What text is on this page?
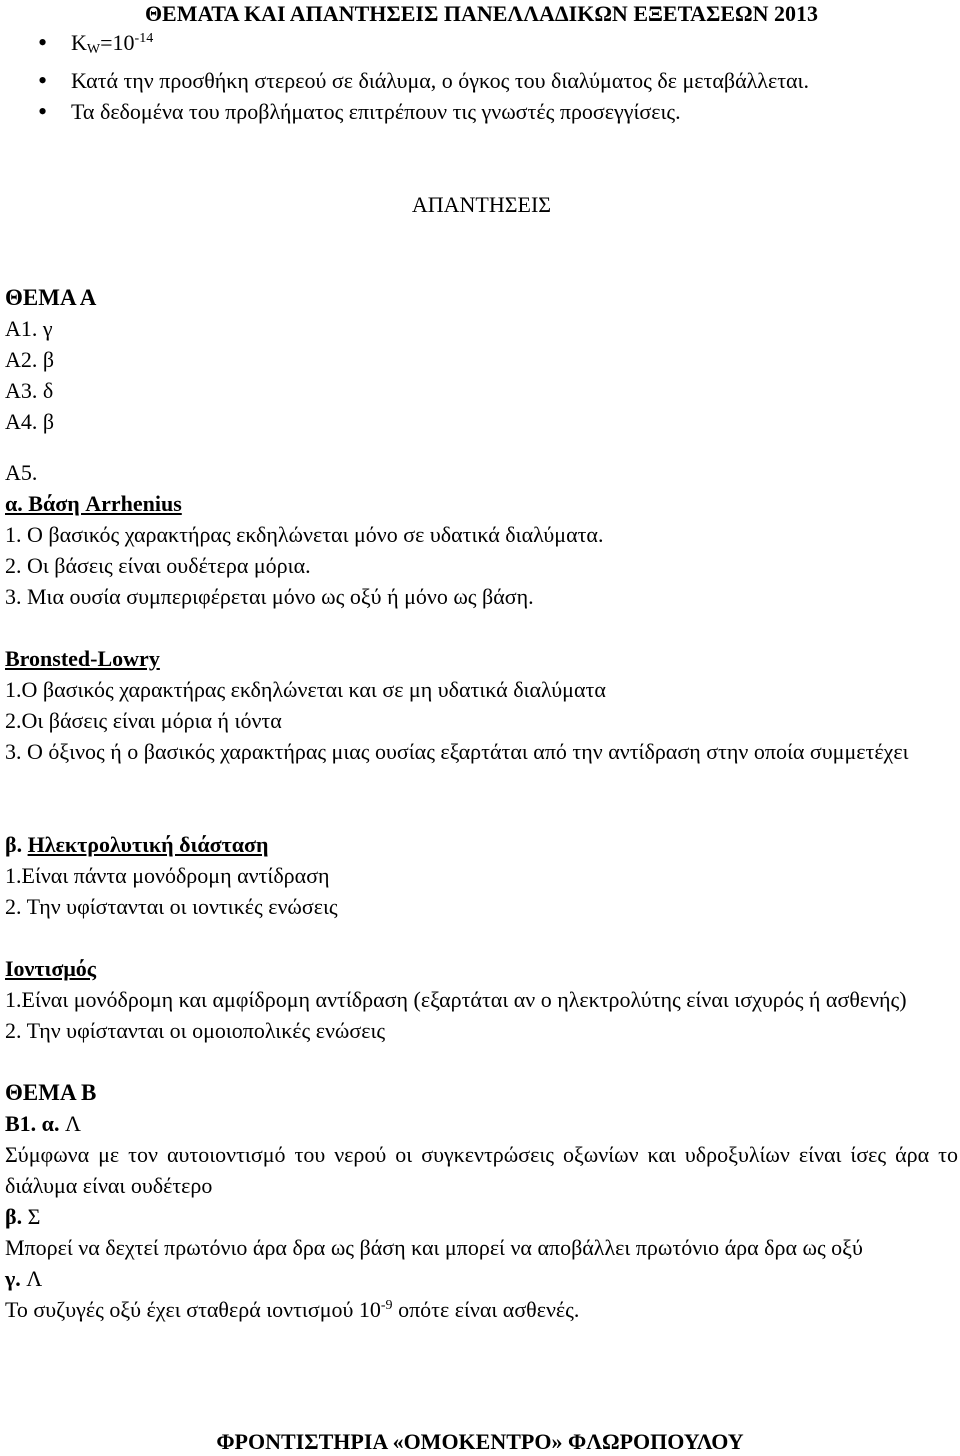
ΘΕΜΑΤΑ ΚΑΙ ΑΠΑΝΤΗΣΕΙΣ ΠΑΝΕΛΛΑΔΙΚΩΝ ΕΞΕΤΑΣΕΩΝ 2013

• $K_W=10^{-14}$
• Κατά την προσθήκη στερεού σε διάλυμα, ο όγκος του διαλύματος δε μεταβάλλεται.
• Τα δεδομένα του προβλήματος επιτρέπουν τις γνωστές προσεγγίσεις.

ΑΠΑΝΤΗΣΕΙΣ

ΘΕΜΑ Α

Α1. γ

Α2. β

Α3. δ

Α4. β

Α5.

α. Βάση Arrhenius

1. Ο βασικός χαρακτήρας εκδηλώνεται μόνο σε υδατικά διαλύματα.

2. Οι βάσεις είναι ουδέτερα μόρια.

3. Μια ουσία συμπεριφέρεται μόνο ως οξύ ή μόνο ως βάση.

Bronsted-Lowry

1.Ο βασικός χαρακτήρας εκδηλώνεται και σε μη υδατικά διαλύματα

2.Οι βάσεις είναι μόρια ή ιόντα

3. Ο όξινος ή ο βασικός χαρακτήρας μιας ουσίας εξαρτάται από την αντίδραση στην οποία συμμετέχει

β. Ηλεκτρολυτική διάσταση

1.Είναι πάντα μονόδρομη αντίδραση

2. Την υφίστανται οι ιοντικές ενώσεις

Ιοντισμός

1.Είναι μονόδρομη και αμφίδρομη αντίδραση (εξαρτάται αν ο ηλεκτρολύτης είναι ισχυρός ή ασθενής)

2. Την υφίστανται οι ομοιοπολικές ενώσεις

ΘΕΜΑ Β

Β1. α. Λ

Σύμφωνα με τον αυτοιοντισμό του νερού οι συγκεντρώσεις οξωνίων και υδροξυλίων είναι ίσες άρα το διάλυμα είναι ουδέτερο

β. Σ

Μπορεί να δεχτεί πρωτόνιο άρα δρα ως βάση και μπορεί να αποβάλλει πρωτόνιο άρα δρα ως οξύ

γ. Λ

Το συζυγές οξύ έχει σταθερά ιοντισμού $10^{-9}$ οπότε είναι ασθενές.

ΦΡΟΝΤΙΣΤΗΡΙΑ «ΟΜΟΚΕΝΤΡΟ» ΦΛΩΡΟΠΟΥΛΟΥ
